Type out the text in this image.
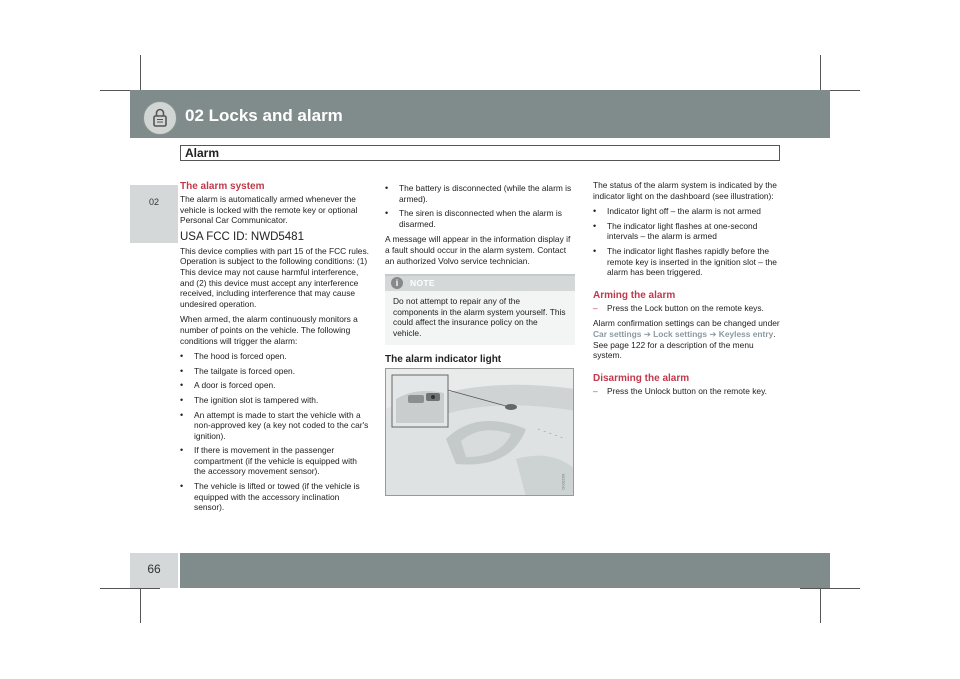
02 Locks and alarm
Alarm
02
The alarm system

The alarm is automatically armed whenever the vehicle is locked with the remote key or optional Personal Car Communicator.

USA FCC ID: NWD5481

This device complies with part 15 of the FCC rules. Operation is subject to the following conditions: (1) This device may not cause harmful interference, and (2) this device must accept any interference received, including interference that may cause undesired operation.

When armed, the alarm continuously monitors a number of points on the vehicle. The following conditions will trigger the alarm:

• The hood is forced open.
• The tailgate is forced open.
• A door is forced open.
• The ignition slot is tampered with.
• An attempt is made to start the vehicle with a non-approved key (a key not coded to the car's ignition).
• If there is movement in the passenger compartment (if the vehicle is equipped with the accessory movement sensor).
• The vehicle is lifted or towed (if the vehicle is equipped with the accessory inclination sensor).
• The battery is disconnected (while the alarm is armed).
• The siren is disconnected when the alarm is disarmed.

A message will appear in the information display if a fault should occur in the alarm system. Contact an authorized Volvo service technician.

i	NOTE
Do not attempt to repair any of the components in the alarm system yourself. This could affect the insurance policy on the vehicle.
The alarm indicator light
G031169

The status of the alarm system is indicated by the indicator light on the dashboard (see illustration):

• Indicator light off – the alarm is not armed
• The indicator light flashes at one-second intervals – the alarm is armed
• The indicator light flashes rapidly before the remote key is inserted in the ignition slot – the alarm has been triggered.
Arming the alarm
– Press the Lock button on the remote keys.

Alarm confirmation settings can be changed under Car settings ➔ Lock settings ➔ Keyless entry. See page 122 for a description of the menu system.

Disarming the alarm
– Press the Unlock button on the remote key.
66
